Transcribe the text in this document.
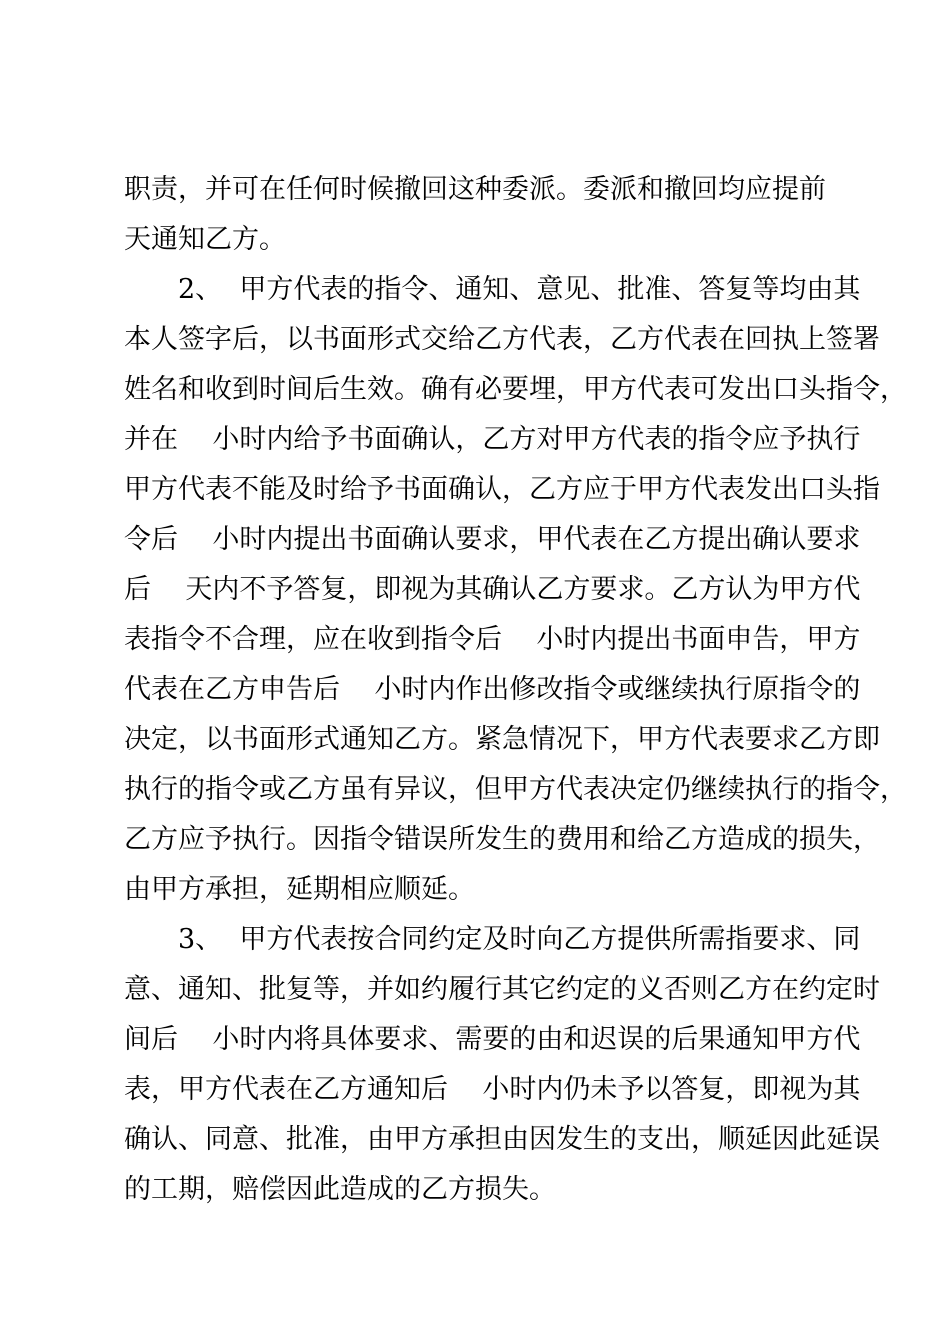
职责，并可在任何时候撤回这种委派。委派和撤回均应提前

天通知乙方。

2、  甲方代表的指令、通知、意见、批准、答复等均由其

本人签字后，以书面形式交给乙方代表，乙方代表在回执上签署

姓名和收到时间后生效。确有必要埋，甲方代表可发出口头指令，

并在    小时内给予书面确认，乙方对甲方代表的指令应予执行

甲方代表不能及时给予书面确认，乙方应于甲方代表发出口头指

令后    小时内提出书面确认要求，甲代表在乙方提出确认要求

后    天内不予答复，即视为其确认乙方要求。乙方认为甲方代

表指令不合理，应在收到指令后    小时内提出书面申告，甲方

代表在乙方申告后    小时内作出修改指令或继续执行原指令的

决定，以书面形式通知乙方。紧急情况下，甲方代表要求乙方即

执行的指令或乙方虽有异议，但甲方代表决定仍继续执行的指令，

乙方应予执行。因指令错误所发生的费用和给乙方造成的损失，

由甲方承担，延期相应顺延。

3、  甲方代表按合同约定及时向乙方提供所需指要求、同

意、通知、批复等，并如约履行其它约定的义否则乙方在约定时

间后    小时内将具体要求、需要的由和迟误的后果通知甲方代

表，甲方代表在乙方通知后    小时内仍未予以答复，即视为其

确认、同意、批准，由甲方承担由因发生的支出，顺延因此延误

的工期，赔偿因此造成的乙方损失。
